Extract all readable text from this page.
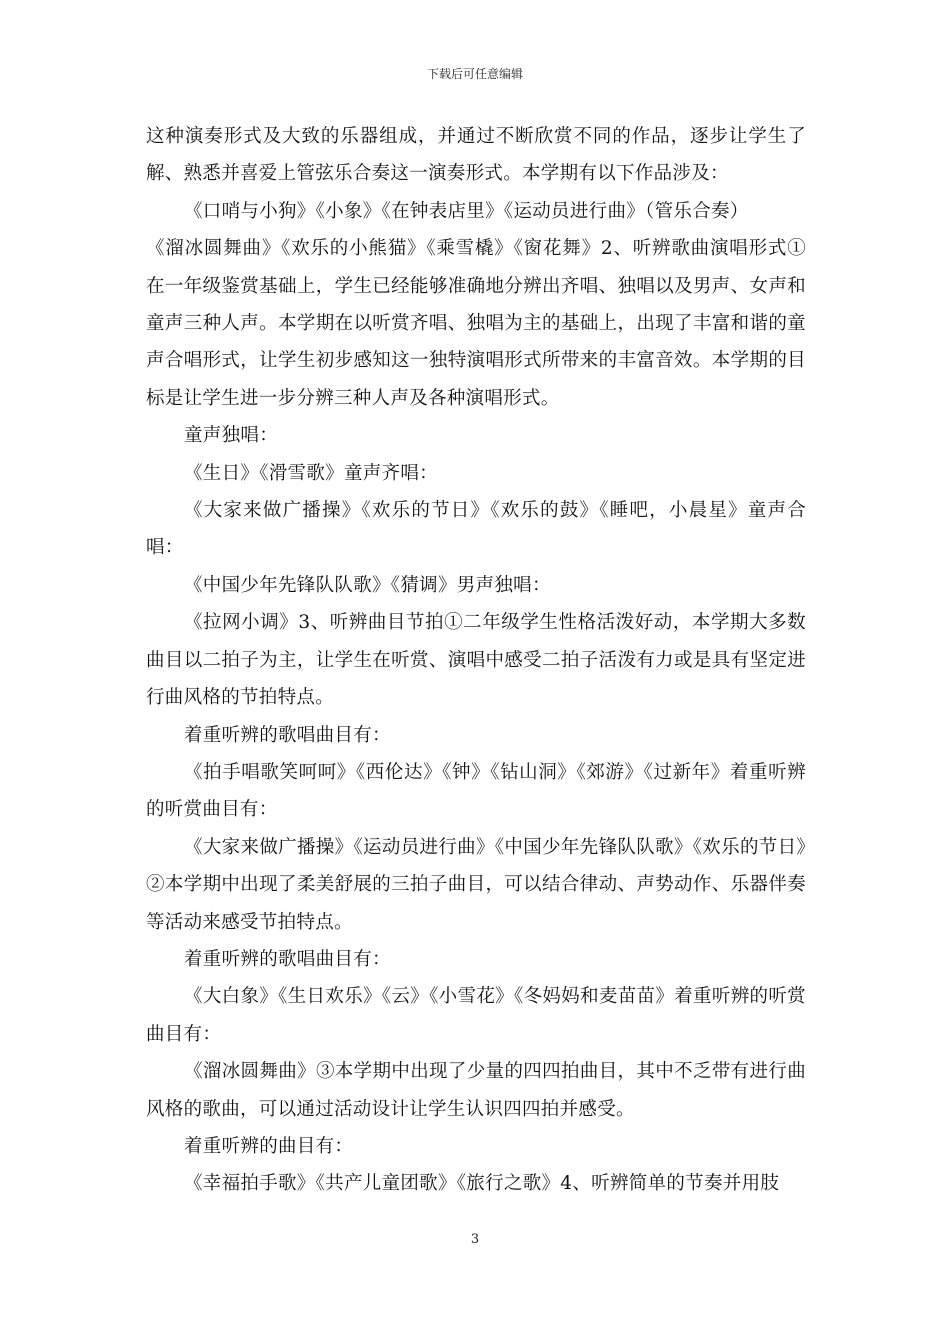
下载后可任意编辑

这种演奏形式及大致的乐器组成，并通过不断欣赏不同的作品，逐步让学生了解、熟悉并喜爱上管弦乐合奏这一演奏形式。本学期有以下作品涉及：

《口哨与小狗》《小象》《在钟表店里》《运动员进行曲》（管乐合奏）

《溜冰圆舞曲》《欢乐的小熊猫》《乘雪橇》《窗花舞》2、听辨歌曲演唱形式①在一年级鉴赏基础上，学生已经能够准确地分辨出齐唱、独唱以及男声、女声和童声三种人声。本学期在以听赏齐唱、独唱为主的基础上，出现了丰富和谐的童声合唱形式，让学生初步感知这一独特演唱形式所带来的丰富音效。本学期的目标是让学生进一步分辨三种人声及各种演唱形式。

童声独唱：

《生日》《滑雪歌》童声齐唱：

《大家来做广播操》《欢乐的节日》《欢乐的鼓》《睡吧，小晨星》童声合唱：

《中国少年先锋队队歌》《猜调》男声独唱：

《拉网小调》3、听辨曲目节拍①二年级学生性格活泼好动，本学期大多数曲目以二拍子为主，让学生在听赏、演唱中感受二拍子活泼有力或是具有坚定进行曲风格的节拍特点。

着重听辨的歌唱曲目有：

《拍手唱歌笑呵呵》《西伦达》《钟》《钻山洞》《郊游》《过新年》着重听辨的听赏曲目有：

《大家来做广播操》《运动员进行曲》《中国少年先锋队队歌》《欢乐的节日》②本学期中出现了柔美舒展的三拍子曲目，可以结合律动、声势动作、乐器伴奏等活动来感受节拍特点。

着重听辨的歌唱曲目有：

《大白象》《生日欢乐》《云》《小雪花》《冬妈妈和麦苗苗》着重听辨的听赏曲目有：

《溜冰圆舞曲》③本学期中出现了少量的四四拍曲目，其中不乏带有进行曲风格的歌曲，可以通过活动设计让学生认识四四拍并感受。

着重听辨的曲目有：

《幸福拍手歌》《共产儿童团歌》《旅行之歌》4、听辨简单的节奏并用肢

3
